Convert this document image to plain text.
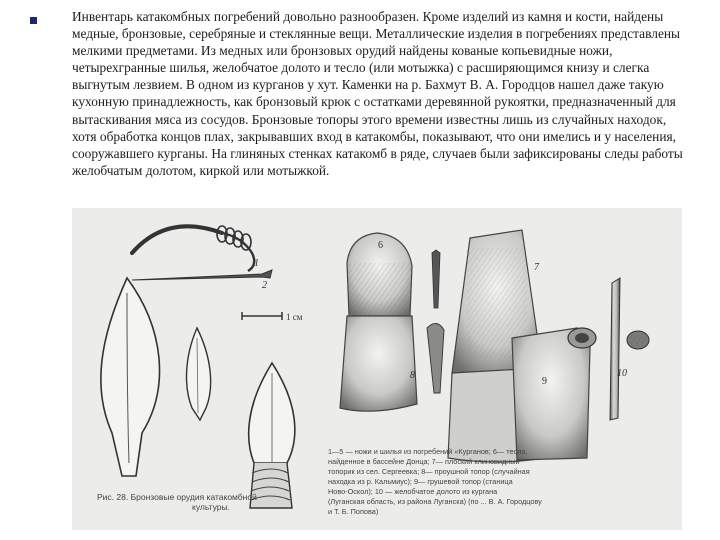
Инвентарь катакомбных погребений довольно разнообразен. Кроме изделий из камня и кости, найдены медные, бронзовые, серебряные и стеклянные вещи. Металлические изделия в погребениях представлены мелкими предметами. Из медных или бронзовых орудий найдены кованые копьевидные ножи, четырехгранные шилья, желобчатое долото и тесло (или мотыжка) с расширяющимся книзу и слегка выгнутым лезвием. В одном из курганов у хут. Каменки на р. Бахмут В. А. Городцов нашел даже такую кухонную принадлежность, как бронзовый крюк с остатками деревянной рукоятки, предназначенный для вытаскивания мяса из сосудов. Бронзовые топоры этого времени известны лишь из случайных находок, хотя обработка концов плах, закрывавших вход в катакомбы, показывают, что они имелись и у населения, сооружавшего курганы. На глиняных стенках катакомб в ряде, случаев были зафиксированы следы работы желобчатым долотом, киркой или мотыжкой.

1
2
1 см
6
8
7
9
10
Рис. 28. Бронзовые орудия катакомбной
культуры.
1—5 — ножи и шилья из погребений «Курганов; 6— тесло,
найденное в бассейне Донца; 7— плоский клиновидный
топорик из сел. Сергеевка; 8— проушной топор (случайная
находка из р. Кальмиус); 9— грушевой топор (станица
Ново-Оскол); 10 — желобчатое долото из кургана
(Луганская область, из района Луганска) (по ... В. А. Городцову
и Т. Б. Попова)
